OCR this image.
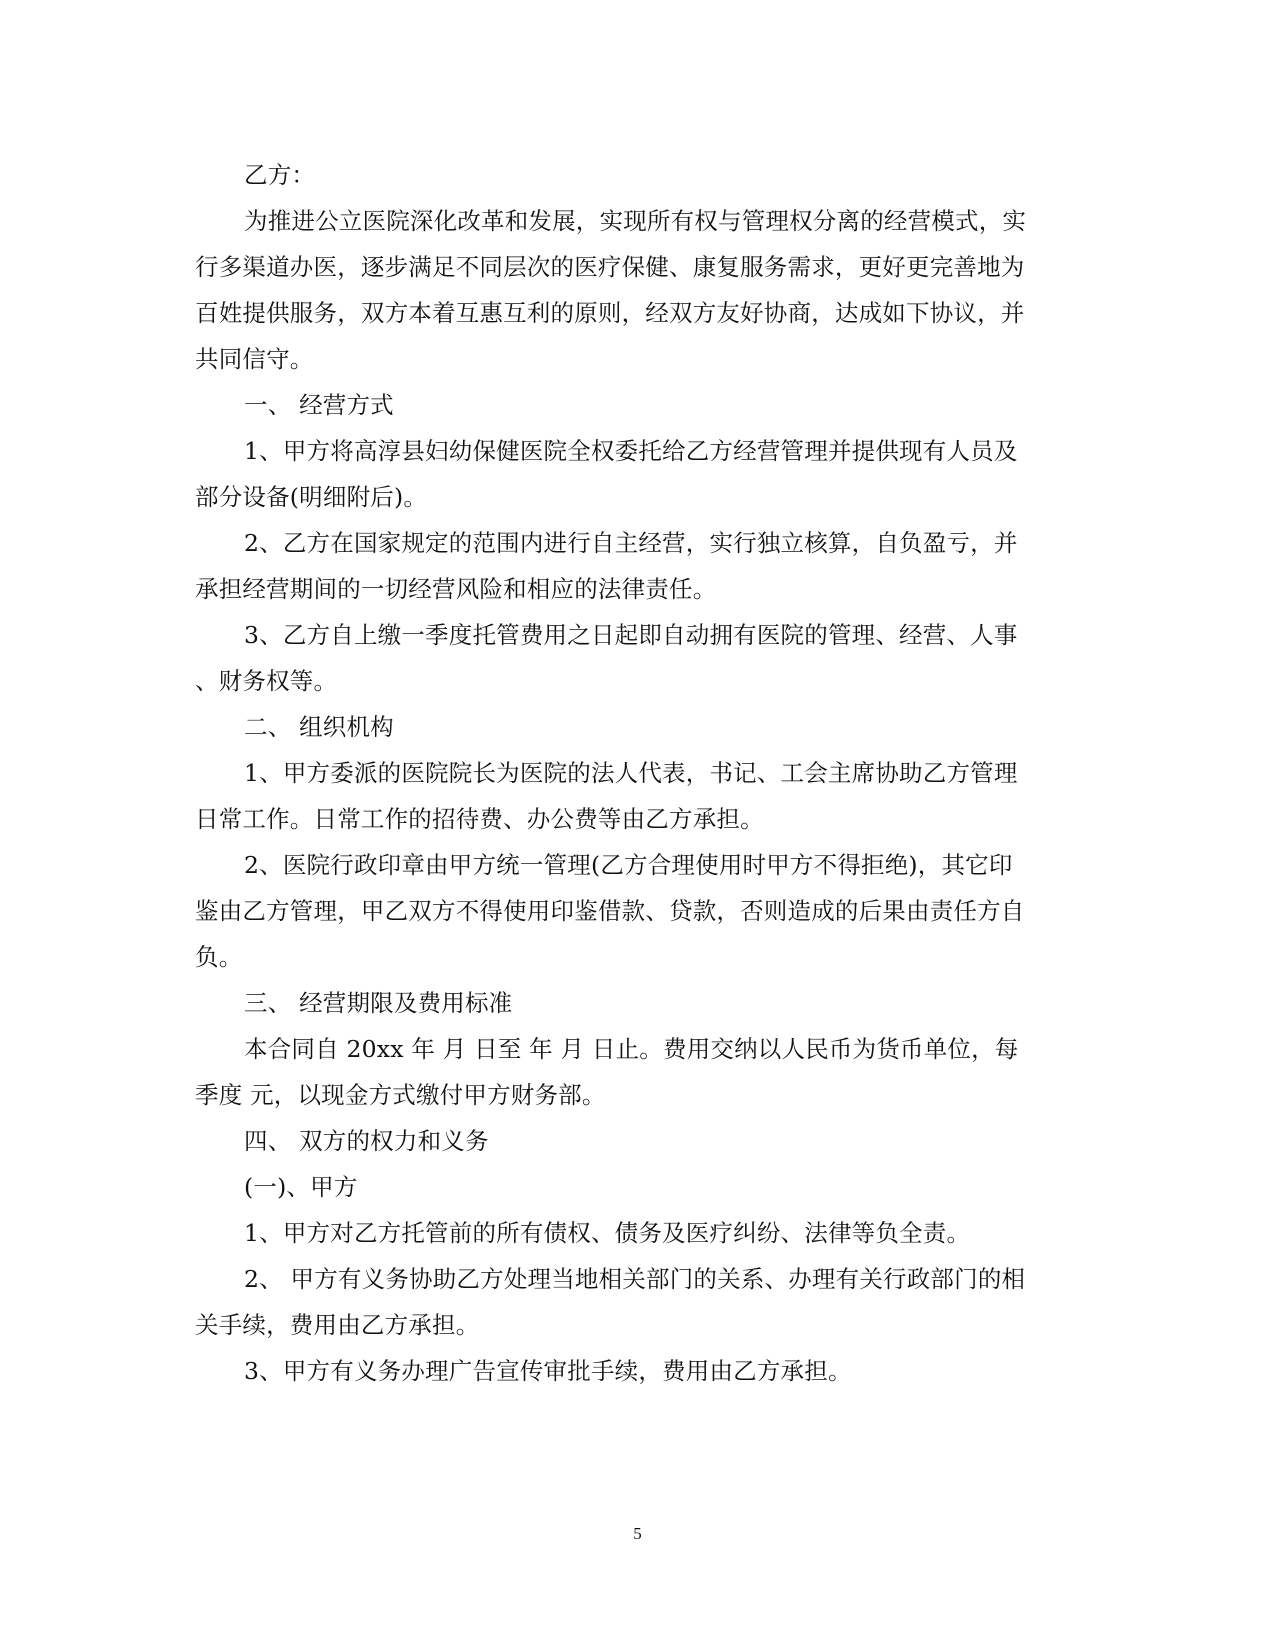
乙方：
为推进公立医院深化改革和发展，实现所有权与管理权分离的经营模式，实
行多渠道办医，逐步满足不同层次的医疗保健、康复服务需求，更好更完善地为
百姓提供服务，双方本着互惠互利的原则，经双方友好协商，达成如下协议，并
共同信守。
一、 经营方式
1、甲方将高淳县妇幼保健医院全权委托给乙方经营管理并提供现有人员及
部分设备(明细附后)。
2、乙方在国家规定的范围内进行自主经营，实行独立核算，自负盈亏，并
承担经营期间的一切经营风险和相应的法律责任。
3、乙方自上缴一季度托管费用之日起即自动拥有医院的管理、经营、人事
、财务权等。
二、 组织机构
1、甲方委派的医院院长为医院的法人代表，书记、工会主席协助乙方管理
日常工作。日常工作的招待费、办公费等由乙方承担。
2、医院行政印章由甲方统一管理(乙方合理使用时甲方不得拒绝)，其它印
鉴由乙方管理，甲乙双方不得使用印鉴借款、贷款，否则造成的后果由责任方自
负。
三、 经营期限及费用标准
本合同自 20xx 年 月 日至 年 月 日止。费用交纳以人民币为货币单位，每
季度 元，以现金方式缴付甲方财务部。
四、 双方的权力和义务
(一)、甲方
1、甲方对乙方托管前的所有债权、债务及医疗纠纷、法律等负全责。
2、 甲方有义务协助乙方处理当地相关部门的关系、办理有关行政部门的相
关手续，费用由乙方承担。
3、甲方有义务办理广告宣传审批手续，费用由乙方承担。
5
